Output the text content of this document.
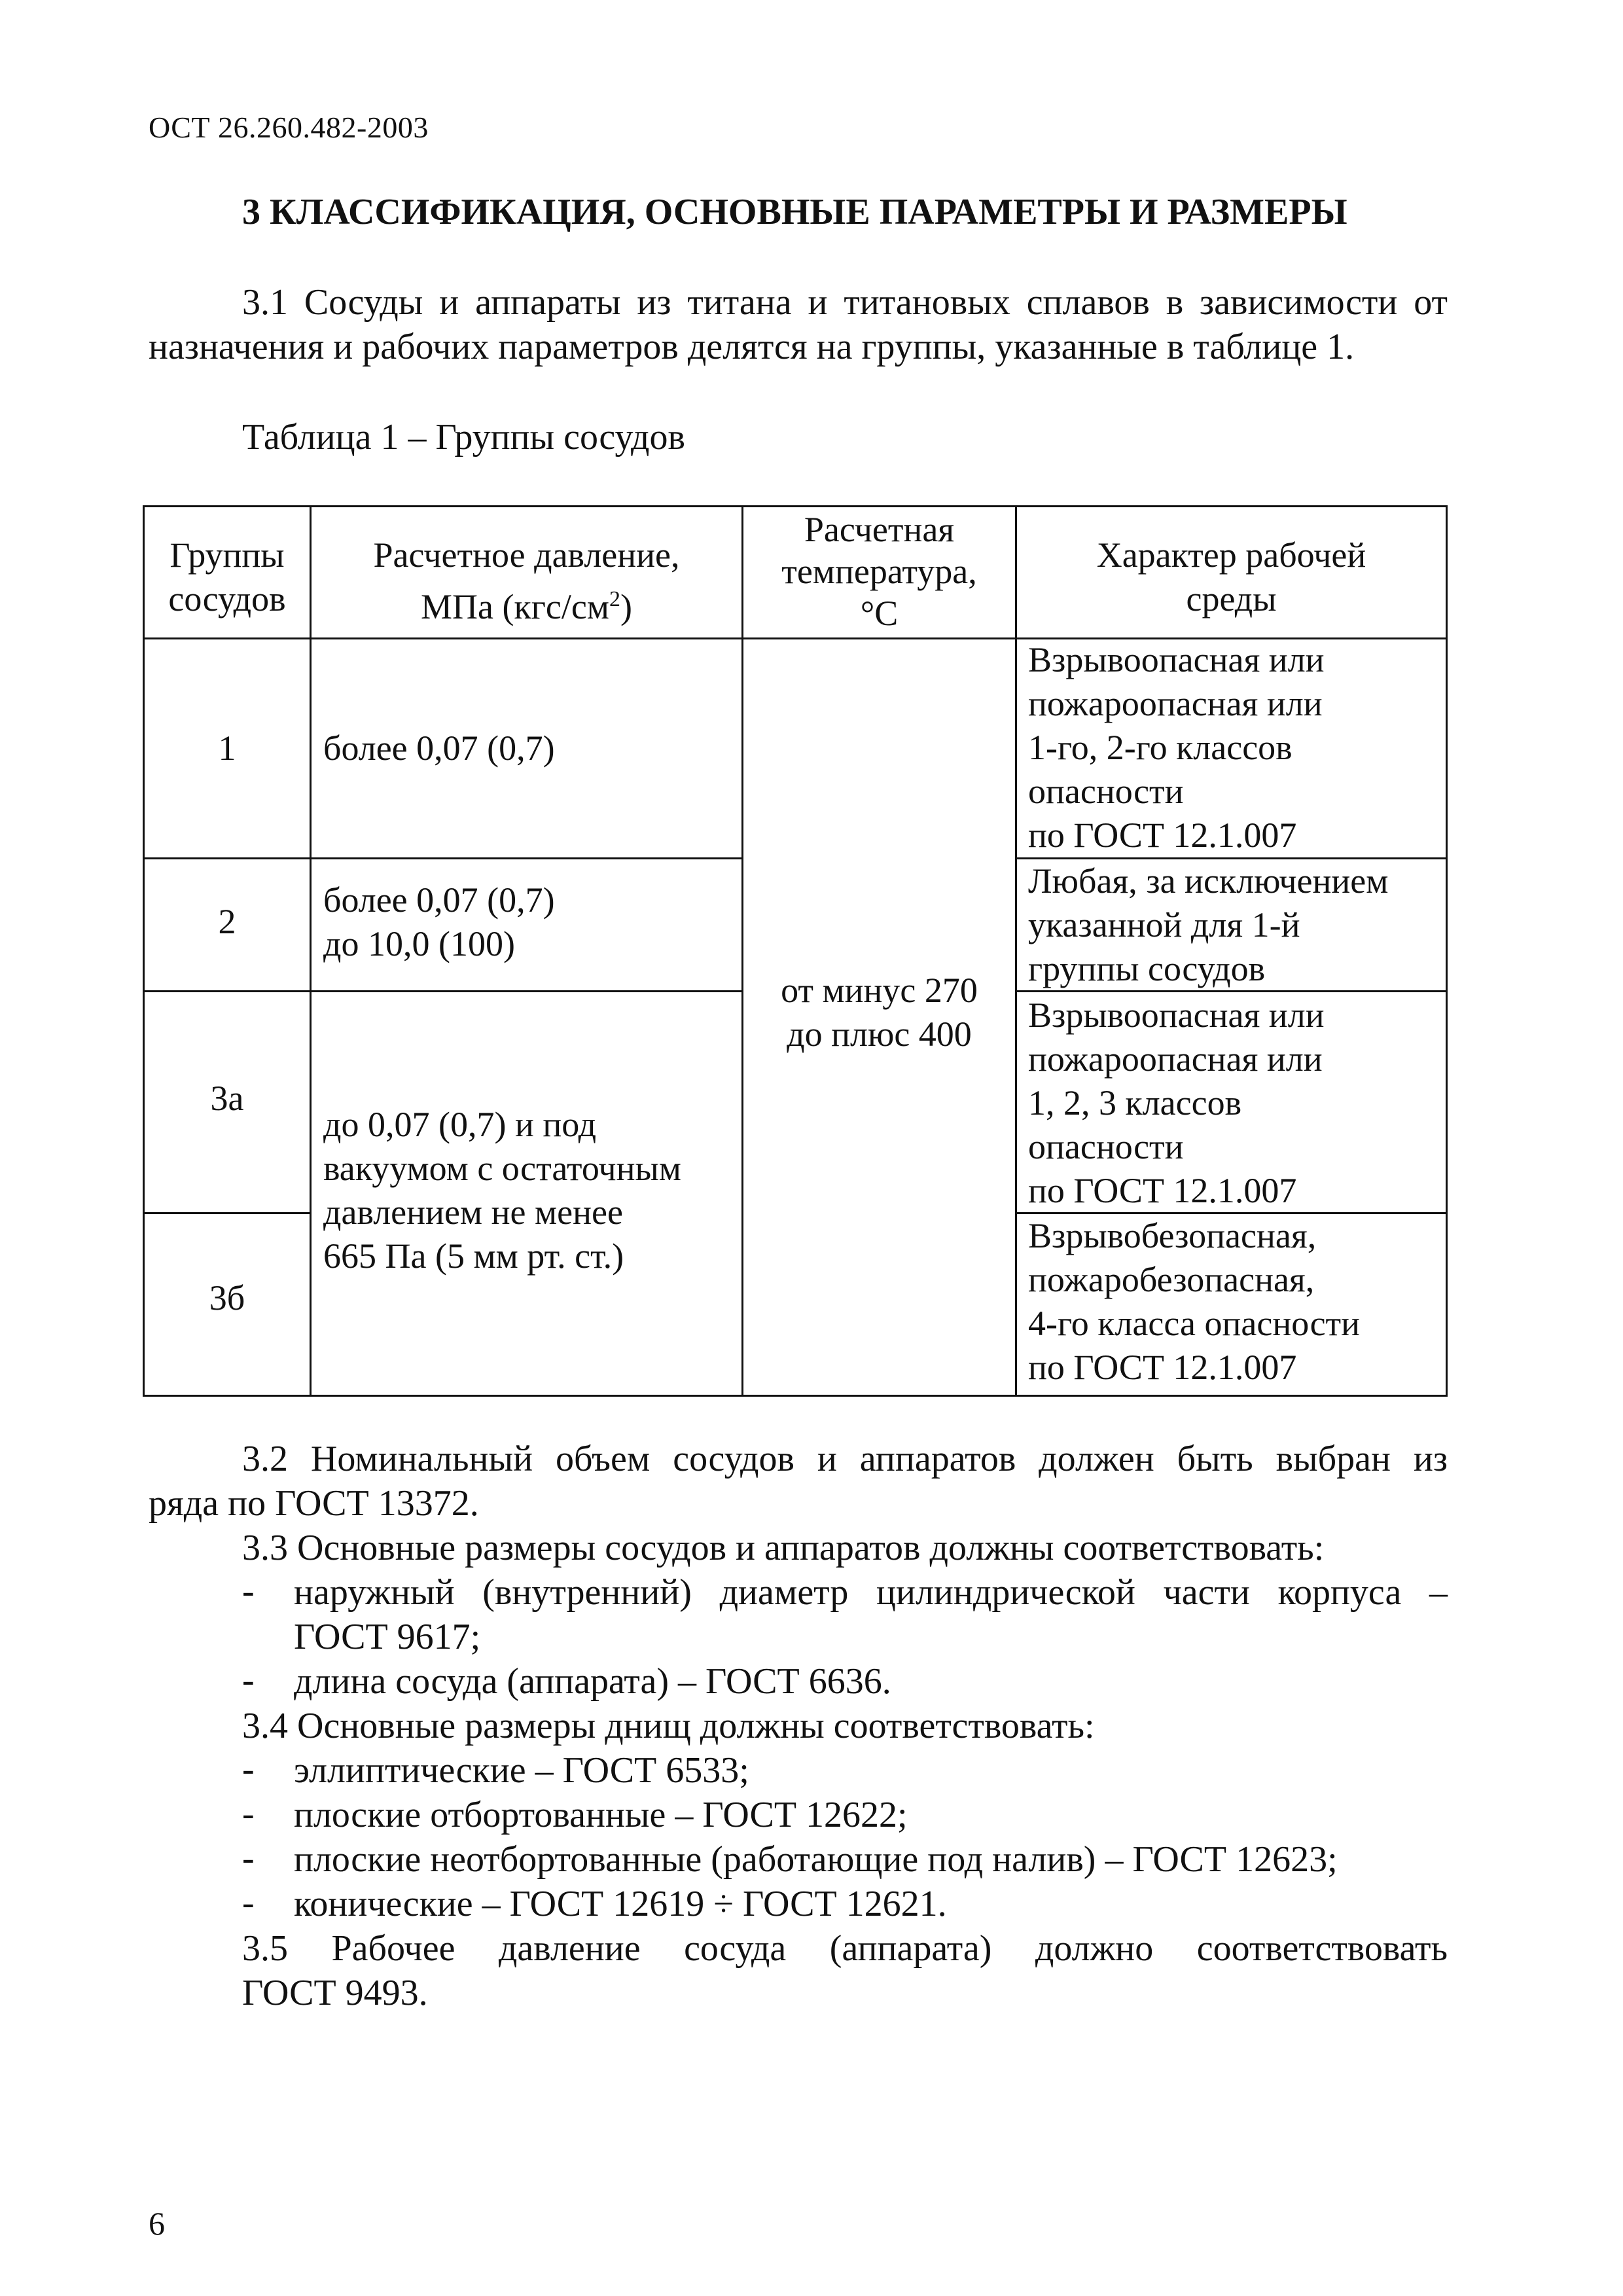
ОСТ 26.260.482-2003
3 КЛАССИФИКАЦИЯ, ОСНОВНЫЕ ПАРАМЕТРЫ И РАЗМЕРЫ
3.1 Сосуды и аппараты из титана и титановых сплавов в зависимости от
назначения и рабочих параметров делятся на группы, указанные в таблице 1.
Таблица 1 – Группы сосудов
Группы
сосудов
Расчетное давление,
МПа $(кгс/см^2)$
Расчетная
температура,
°С
Характер рабочей
среды
1	более 0,07 (0,7)
Взрывоопасная или
пожароопасная или
1-го, 2-го классов
опасности
по ГОСТ 12.1.007
2
более 0,07 (0,7)
до 10,0 (100)
Любая, за исключением
указанной для 1-й
группы сосудов
от минус 270
до плюс 400
3а
Взрывоопасная или
пожароопасная или
1, 2, 3 классов
опасности
по ГОСТ 12.1.007
до 0,07 (0,7) и под
вакуумом с остаточным
давлением не менее
665 Па (5 мм рт. ст.)
3б
Взрывобезопасная,
пожаробезопасная,
4-го класса опасности
по ГОСТ 12.1.007
3.2 Номинальный объем сосудов и аппаратов должен быть выбран из
ряда по ГОСТ 13372.
3.3 Основные размеры сосудов и аппаратов должны соответствовать:
- наружный (внутренний) диаметр цилиндрической части корпуса –
ГОСТ 9617;
- длина сосуда (аппарата) – ГОСТ 6636.
3.4 Основные размеры днищ должны соответствовать:
- эллиптические – ГОСТ 6533;
- плоские отбортованные – ГОСТ 12622;
- плоские неотбортованные (работающие под налив) – ГОСТ 12623;
- конические – ГОСТ 12619 ÷ ГОСТ 12621.
3.5 Рабочее давление сосуда (аппарата) должно соответствовать
ГОСТ 9493.
6
